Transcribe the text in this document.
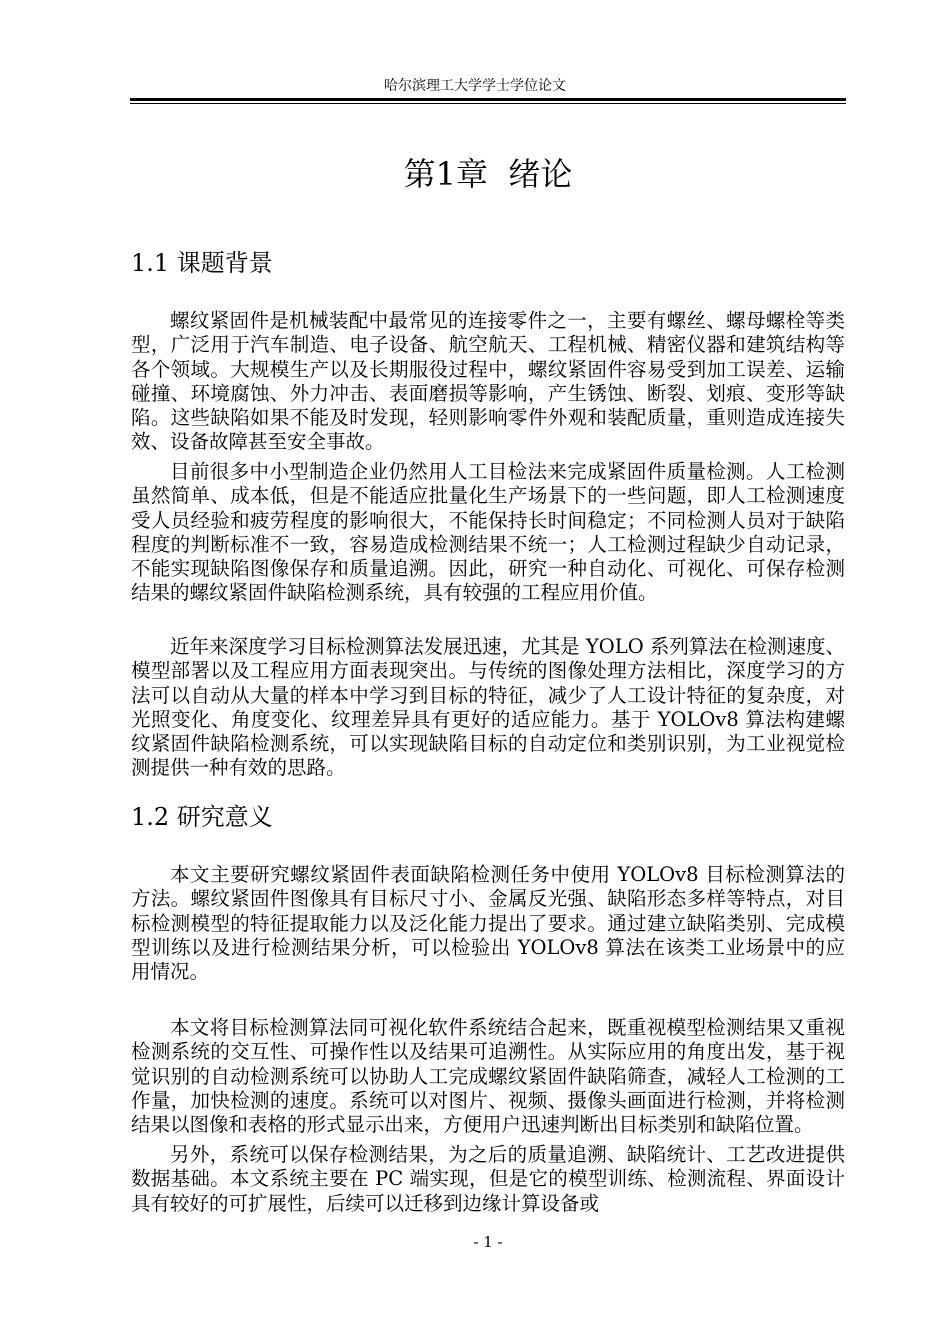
哈尔滨理工大学学士学位论文
第1章  绪论
1.1 课题背景

螺纹紧固件是机械装配中最常见的连接零件之一，主要有螺丝、螺母螺栓等类型，广泛用于汽车制造、电子设备、航空航天、工程机械、精密仪器和建筑结构等各个领域。大规模生产以及长期服役过程中，螺纹紧固件容易受到加工误差、运输碰撞、环境腐蚀、外力冲击、表面磨损等影响，产生锈蚀、断裂、划痕、变形等缺陷。这些缺陷如果不能及时发现，轻则影响零件外观和装配质量，重则造成连接失效、设备故障甚至安全事故。

目前很多中小型制造企业仍然用人工目检法来完成紧固件质量检测。人工检测虽然简单、成本低，但是不能适应批量化生产场景下的一些问题，即人工检测速度受人员经验和疲劳程度的影响很大，不能保持长时间稳定；不同检测人员对于缺陷程度的判断标准不一致，容易造成检测结果不统一；人工检测过程缺少自动记录，不能实现缺陷图像保存和质量追溯。因此，研究一种自动化、可视化、可保存检测结果的螺纹紧固件缺陷检测系统，具有较强的工程应用价值。

近年来深度学习目标检测算法发展迅速，尤其是 YOLO 系列算法在检测速度、模型部署以及工程应用方面表现突出。与传统的图像处理方法相比，深度学习的方法可以自动从大量的样本中学习到目标的特征，减少了人工设计特征的复杂度，对光照变化、角度变化、纹理差异具有更好的适应能力。基于 YOLOv8 算法构建螺纹紧固件缺陷检测系统，可以实现缺陷目标的自动定位和类别识别，为工业视觉检测提供一种有效的思路。

1.2 研究意义

本文主要研究螺纹紧固件表面缺陷检测任务中使用 YOLOv8 目标检测算法的方法。螺纹紧固件图像具有目标尺寸小、金属反光强、缺陷形态多样等特点，对目标检测模型的特征提取能力以及泛化能力提出了要求。通过建立缺陷类别、完成模型训练以及进行检测结果分析，可以检验出 YOLOv8 算法在该类工业场景中的应用情况。

本文将目标检测算法同可视化软件系统结合起来，既重视模型检测结果又重视检测系统的交互性、可操作性以及结果可追溯性。从实际应用的角度出发，基于视觉识别的自动检测系统可以协助人工完成螺纹紧固件缺陷筛查，减轻人工检测的工作量，加快检测的速度。系统可以对图片、视频、摄像头画面进行检测，并将检测结果以图像和表格的形式显示出来，方便用户迅速判断出目标类别和缺陷位置。

另外，系统可以保存检测结果，为之后的质量追溯、缺陷统计、工艺改进提供数据基础。本文系统主要在 PC 端实现，但是它的模型训练、检测流程、界面设计具有较好的可扩展性，后续可以迁移到边缘计算设备或

- 1 -
